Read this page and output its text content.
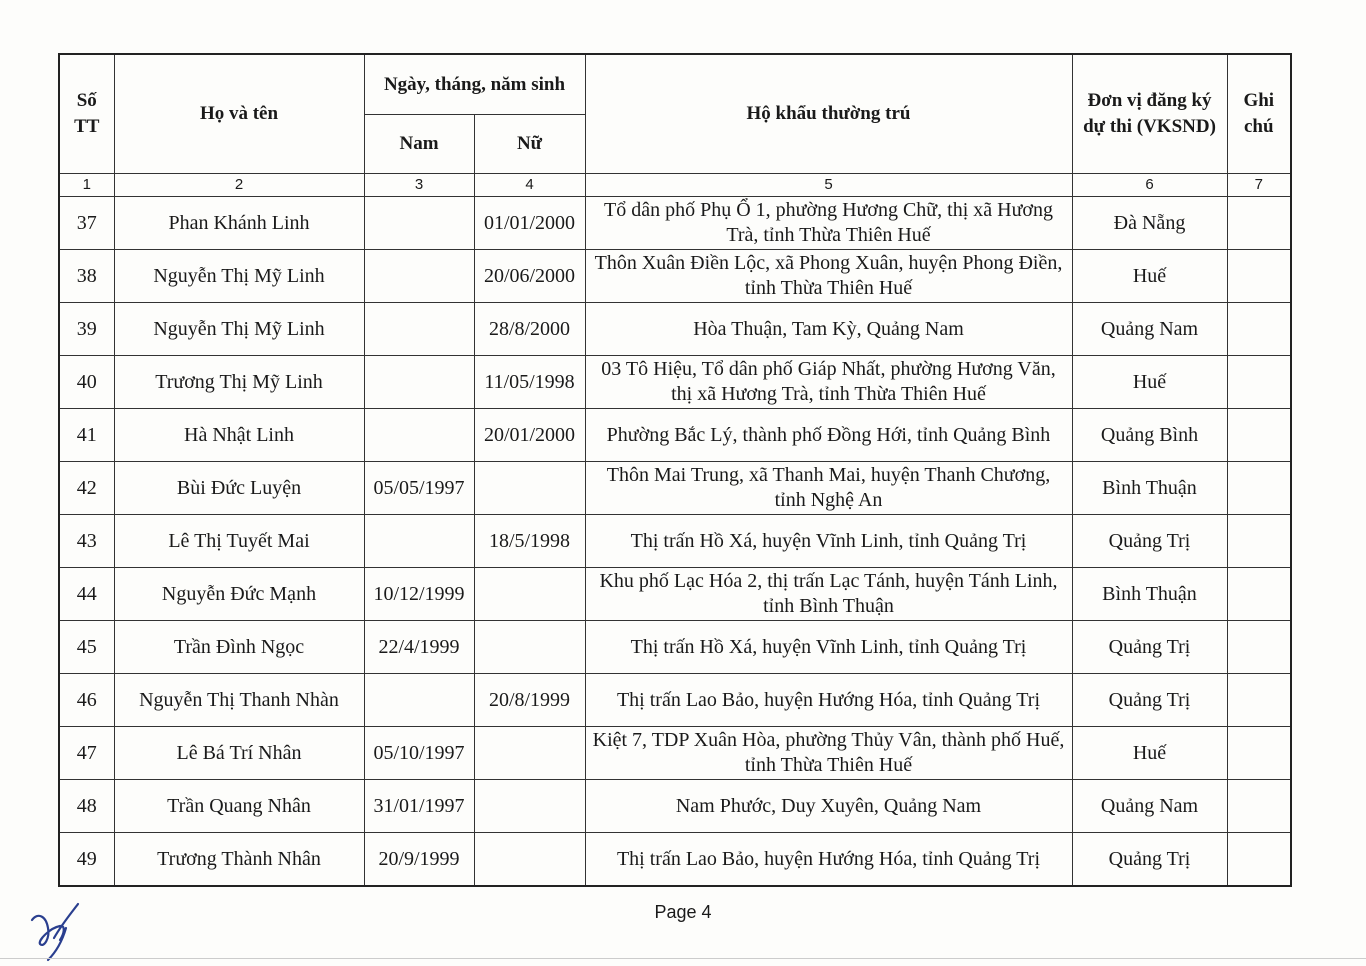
Số TT	Họ và tên	Ngày, tháng, năm sinh		Hộ khẩu thường trú	Đơn vị đăng ký dự thi (VKSND)	Ghi chú
		Nam	Nữ			
1	2	3	4	5	6	7
37	Phan Khánh Linh		01/01/2000	Tổ dân phố Phụ Ổ 1, phường Hương Chữ, thị xã Hương Trà, tỉnh Thừa Thiên Huế	Đà Nẵng	
38	Nguyễn Thị Mỹ Linh		20/06/2000	Thôn Xuân Điền Lộc, xã Phong Xuân, huyện Phong Điền, tỉnh Thừa Thiên Huế	Huế	
39	Nguyễn Thị Mỹ Linh		28/8/2000	Hòa Thuận, Tam Kỳ, Quảng Nam	Quảng Nam	
40	Trương Thị Mỹ Linh		11/05/1998	03 Tô Hiệu, Tổ dân phố Giáp Nhất, phường Hương Văn, thị xã Hương Trà, tỉnh Thừa Thiên Huế	Huế	
41	Hà Nhật Linh		20/01/2000	Phường Bắc Lý, thành phố Đồng Hới, tỉnh Quảng Bình	Quảng Bình	
42	Bùi Đức Luyện	05/05/1997		Thôn Mai Trung, xã Thanh Mai, huyện Thanh Chương, tỉnh Nghệ An	Bình Thuận	
43	Lê Thị Tuyết Mai		18/5/1998	Thị trấn Hồ Xá, huyện Vĩnh Linh, tỉnh Quảng Trị	Quảng Trị	
44	Nguyễn Đức Mạnh	10/12/1999		Khu phố Lạc Hóa 2, thị trấn Lạc Tánh, huyện Tánh Linh, tỉnh Bình Thuận	Bình Thuận	
45	Trần Đình Ngọc	22/4/1999		Thị trấn Hồ Xá, huyện Vĩnh Linh, tỉnh Quảng Trị	Quảng Trị	
46	Nguyễn Thị Thanh Nhàn		20/8/1999	Thị trấn Lao Bảo, huyện Hướng Hóa, tỉnh Quảng Trị	Quảng Trị	
47	Lê Bá Trí Nhân	05/10/1997		Kiệt 7, TDP Xuân Hòa, phường Thủy Vân, thành phố Huế, tỉnh Thừa Thiên Huế	Huế	
48	Trần Quang Nhân	31/01/1997		Nam Phước, Duy Xuyên, Quảng Nam	Quảng Nam	
49	Trương Thành Nhân	20/9/1999		Thị trấn Lao Bảo, huyện Hướng Hóa, tỉnh Quảng Trị	Quảng Trị	
Page 4
